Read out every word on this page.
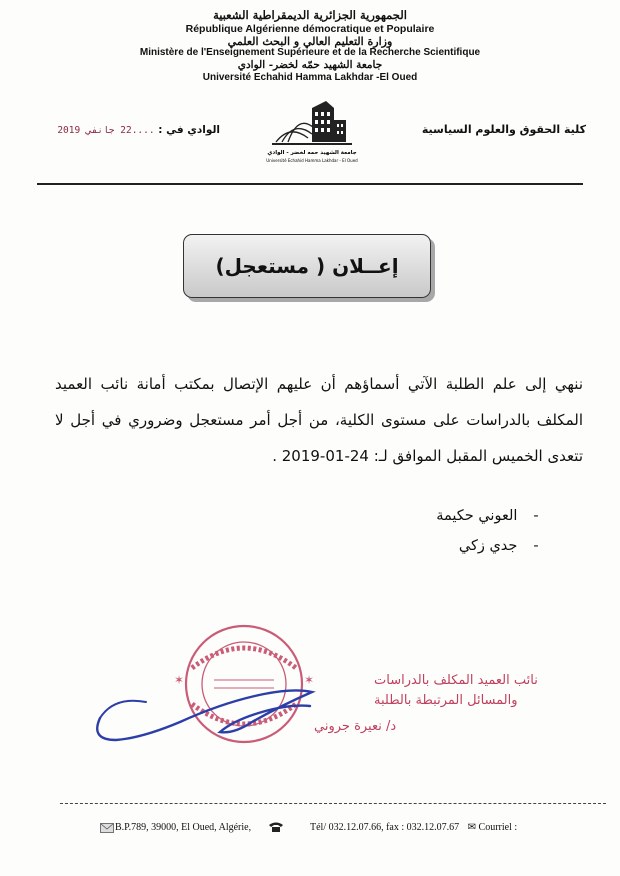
الجمهورية الجزائرية الديمقراطية الشعبية
République Algérienne démocratique et Populaire
وزارة التعليم العالي و البحث العلمي
Ministère de l'Enseignement Supérieure et de la Recherche Scientifique
جامعة الشهيد حمّه لخضر- الوادي
Université Echahid Hamma Lakhdar -El Oued
كلية الحقوق والعلوم السياسية
الوادي في : ....22 جانفي 2019
جامعة الشهيد حمه لخضر - الوادي
Université Echahid Hamma Lakhdar - El Oued
إعــلان ( مستعجل)
ننهي إلى علم الطلبة الآتي أسماؤهم أن عليهم الإتصال بمكتب أمانة نائب العميد المكلف بالدراسات على مستوى الكلية، من أجل أمر مستعجل وضروري في أجل لا تتعدى الخميس المقبل الموافق لـ: 24-01-2019 .
- العوني حكيمة
- جدي زكي
✶
✶	نائب العميد المكلف بالدراسات
والمسائل المرتبطة بالطلبة
د/ نعيرة جروني
B.P.789, 39000, El Oued, Algérie,	Tél/ 032.12.07.66, fax : 032.12.07.67 ✉ Courriel :
